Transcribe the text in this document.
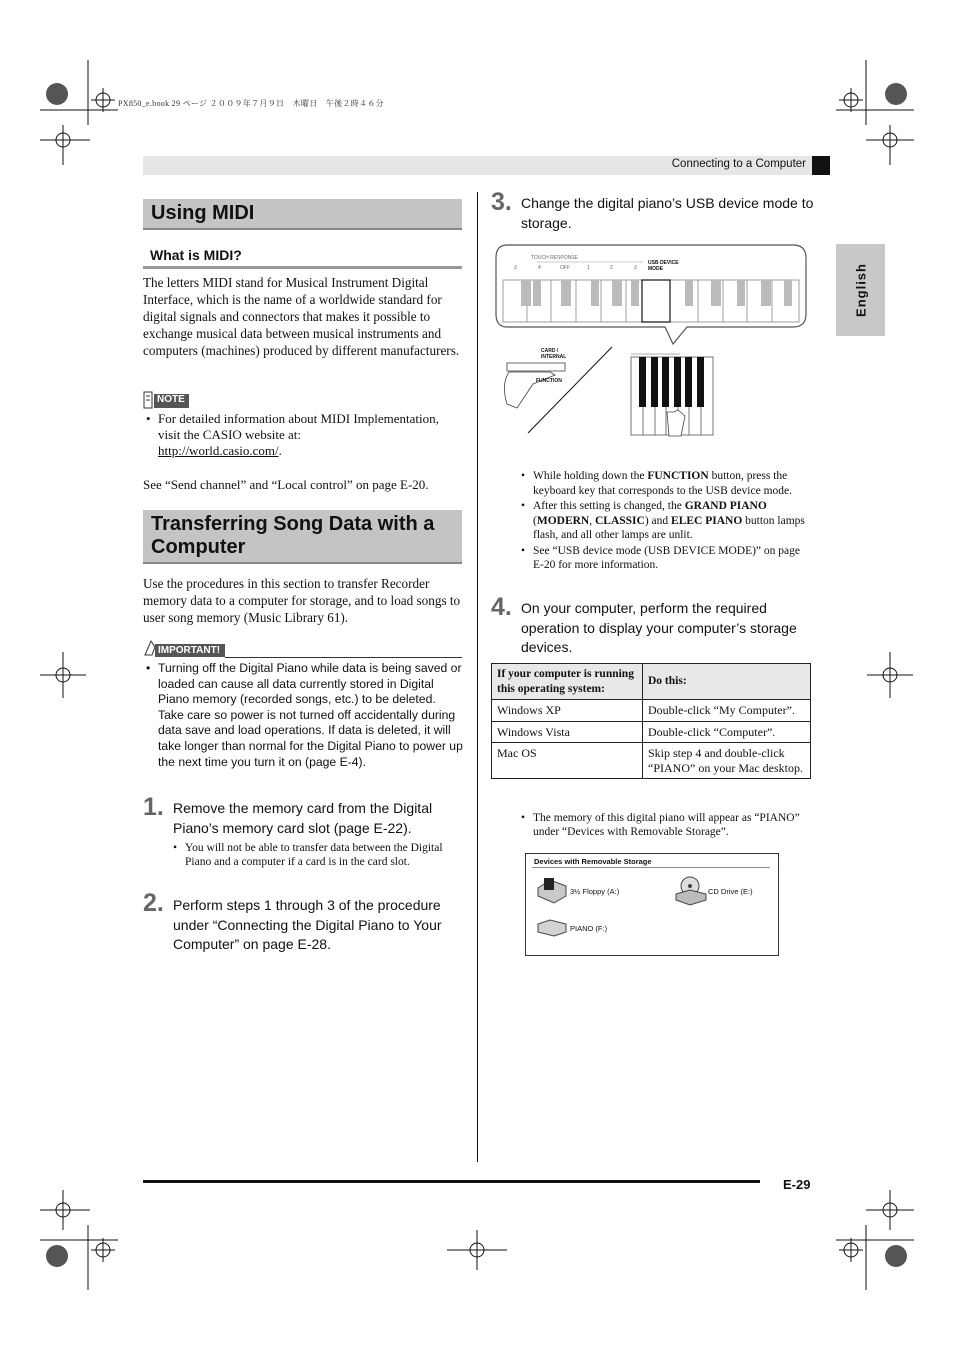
PX850_e.book 29 ページ ２００９年７月９日　木曜日　午後２時４６分
Connecting to a Computer
English
Using MIDI
What is MIDI?
The letters MIDI stand for Musical Instrument Digital Interface, which is the name of a worldwide standard for digital signals and connectors that makes it possible to exchange musical data between musical instruments and computers (machines) produced by different manufacturers.
NOTE
• For detailed information about MIDI Implementation, visit the CASIO website at:
http://world.casio.com/.
See “Send channel” and “Local control” on page E-20.
Transferring Song Data with a Computer
Use the procedures in this section to transfer Recorder memory data to a computer for storage, and to load songs to user song memory (Music Library 61).
IMPORTANT!
• Turning off the Digital Piano while data is being saved or loaded can cause all data currently stored in Digital Piano memory (recorded songs, etc.) to be deleted. Take care so power is not turned off accidentally during data save and load operations. If data is deleted, it will take longer than normal for the Digital Piano to power up the next time you turn it on (page E-4).
1. Remove the memory card from the Digital Piano’s memory card slot (page E-22).
• You will not be able to transfer data between the Digital Piano and a computer if a card is in the card slot.
2. Perform steps 1 through 3 of the procedure under “Connecting the Digital Piano to Your Computer” on page E-28.
3. Change the digital piano’s USB device mode to storage.
TOUCH RESPONSE
USB DEVICE
MODE
3	4	OFF	1	2	3
CARD /
INTERNAL
FUNCTION
• While holding down the FUNCTION button, press the keyboard key that corresponds to the USB device mode.
• After this setting is changed, the GRAND PIANO (MODERN, CLASSIC) and ELEC PIANO button lamps flash, and all other lamps are unlit.
• See “USB device mode (USB DEVICE MODE)” on page E-20 for more information.
4. On your computer, perform the required operation to display your computer’s storage devices.
If your computer is running this operating system:	Do this:
Windows XP	Double-click “My Computer”.
Windows Vista	Double-click “Computer”.
Mac OS	Skip step 4 and double-click “PIANO” on your Mac desktop.
• The memory of this digital piano will appear as “PIANO” under “Devices with Removable Storage”.
Devices with Removable Storage
3½ Floppy (A:)	CD Drive (E:)
PIANO (F:)
E-29
